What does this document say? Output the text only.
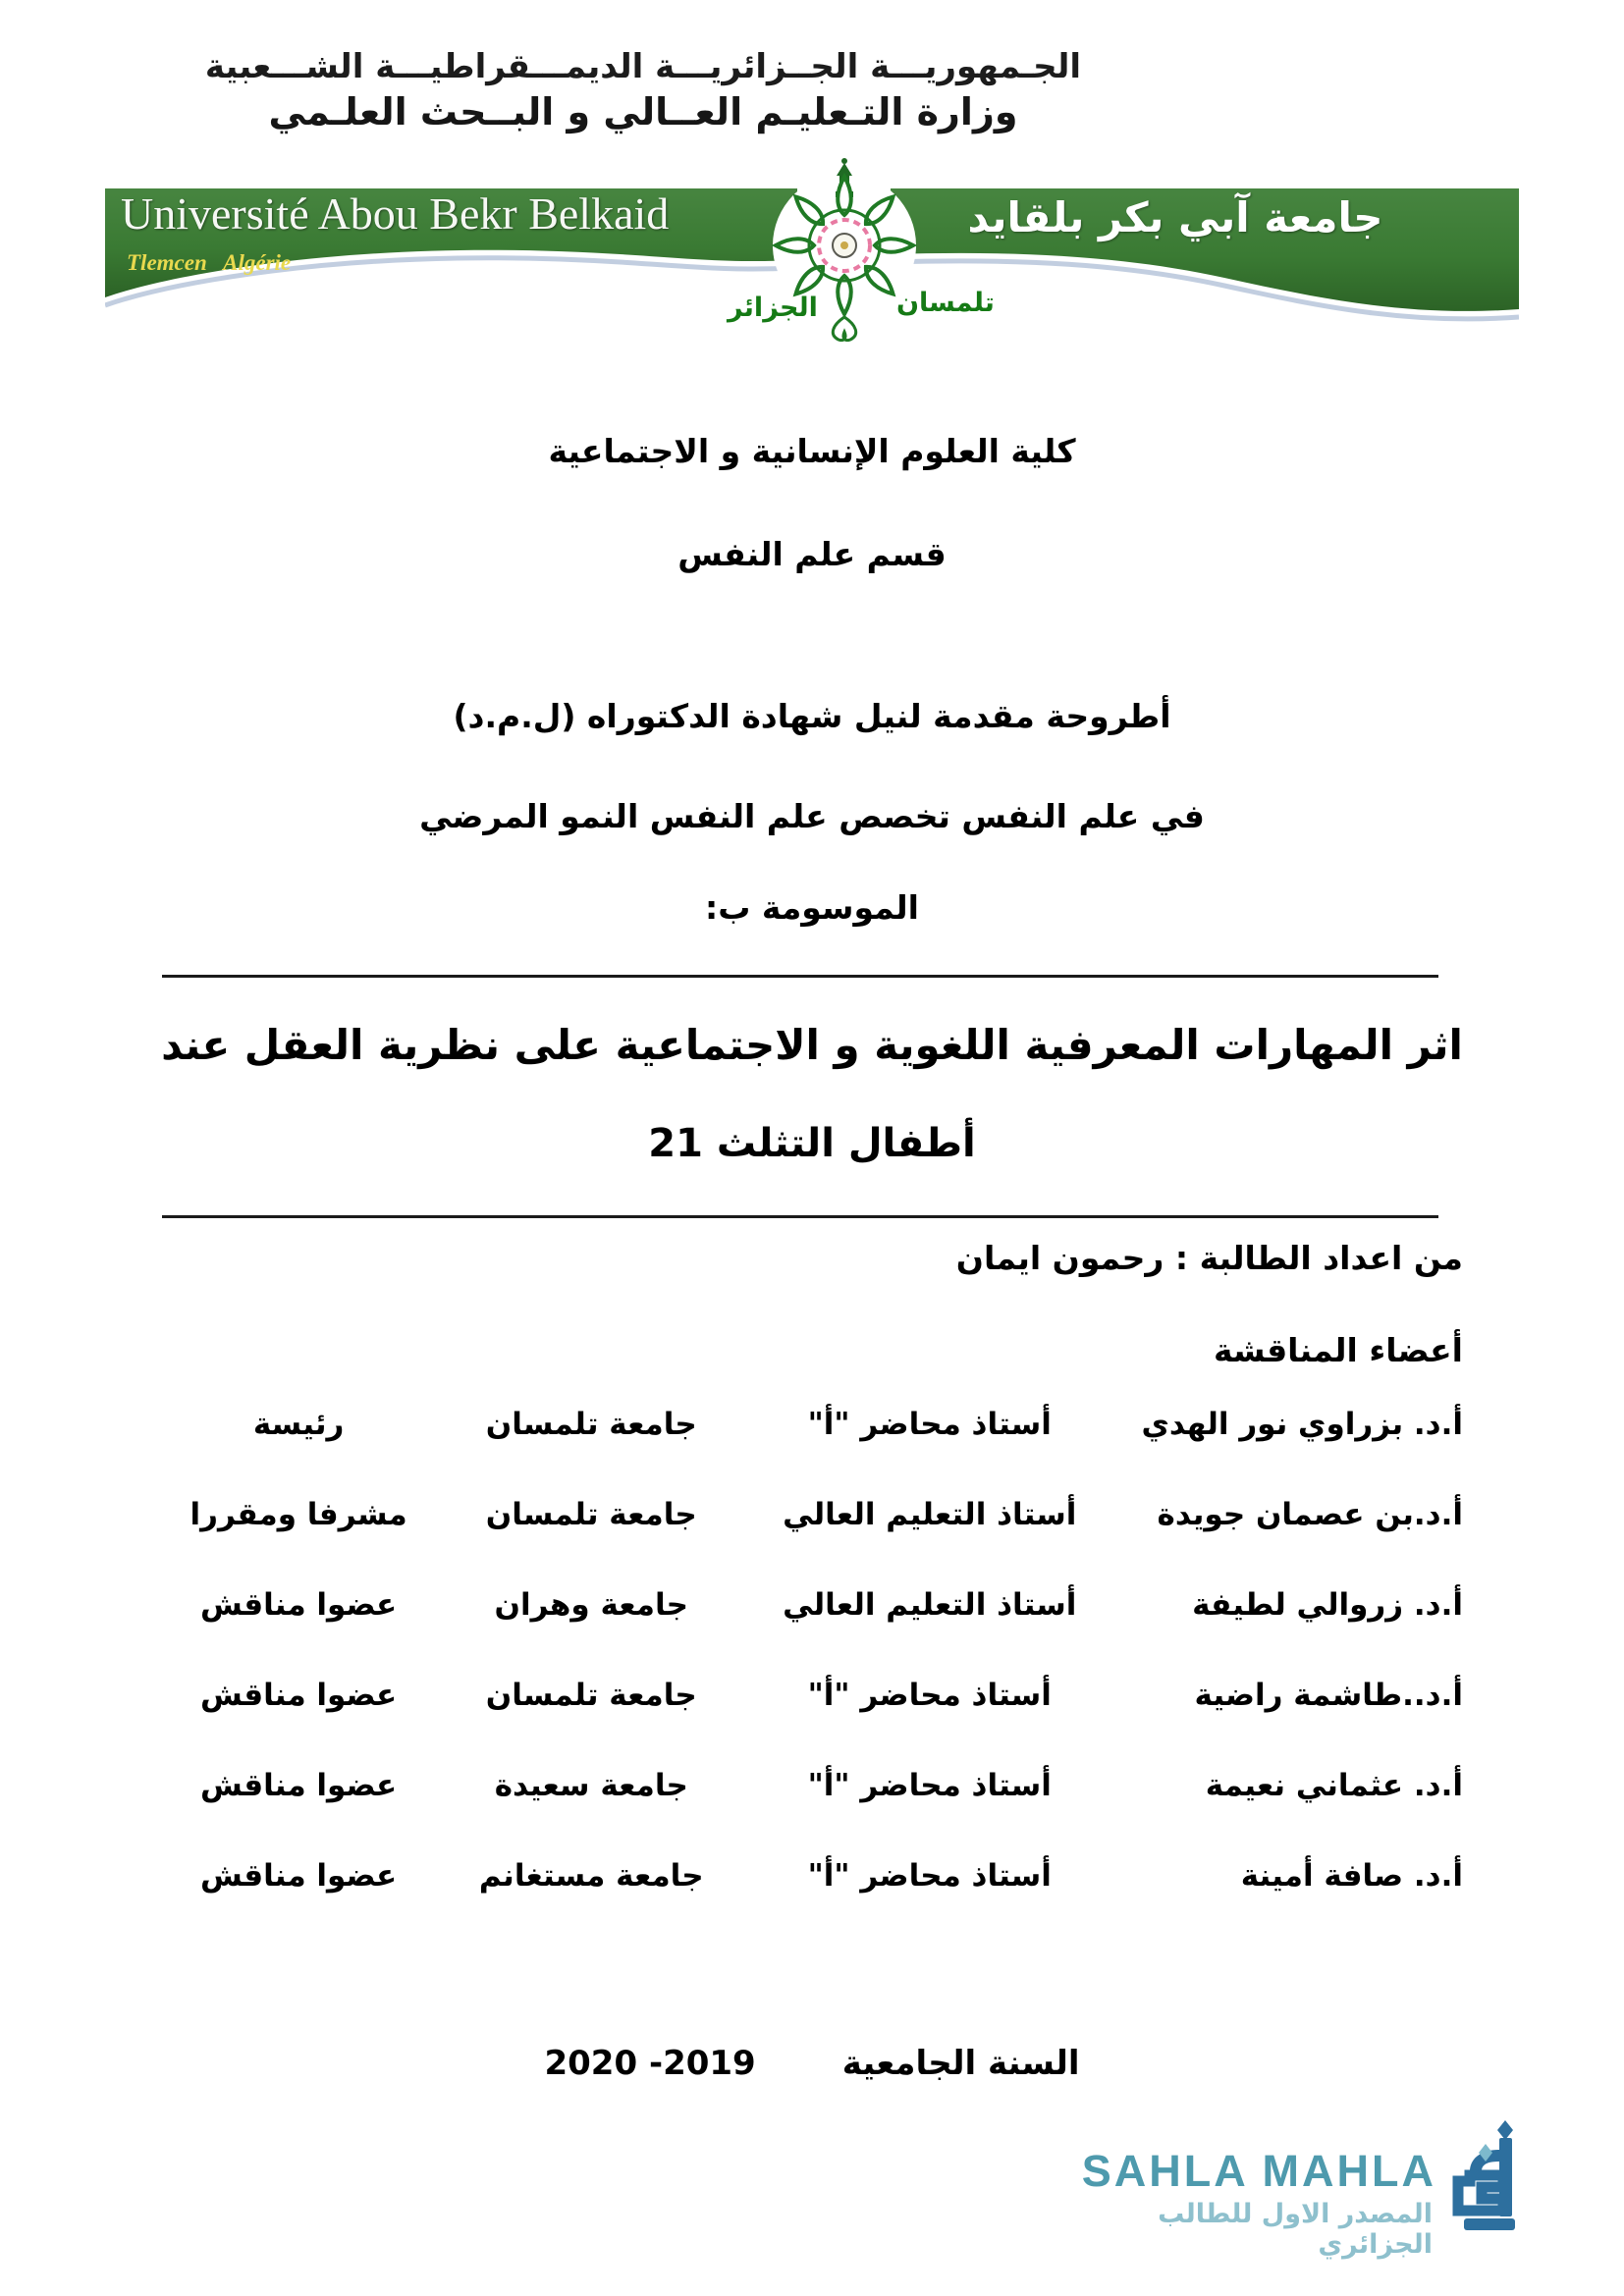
الجـمهوريـــة الجــزائريـــة الديمـــقراطيـــة الشـــعبية
وزارة التـعليـم العــالي و البــحث العلـمي
Université Abou Bekr Belkaid
Tlemcen   Algérie
جامعة آبي بكر بلقايد
تلمسان
الجزائر
كلية العلوم الإنسانية و الاجتماعية
قسم علم النفس
أطروحة مقدمة لنيل شهادة الدكتوراه (ل.م.د)
في علم النفس تخصص علم النفس النمو المرضي
الموسومة ب:
اثر المهارات المعرفية اللغوية و الاجتماعية على نظرية العقل عند
أطفال التثلث 21
من اعداد الطالبة : رحمون ايمان
أعضاء المناقشة
أ.د. بزراوي نور الهدي
أستاذ محاضر "أ"
جامعة تلمسان
رئيسة
أ.د.بن عصمان جويدة
أستاذ التعليم العالي
جامعة تلمسان
مشرفا ومقررا
أ.د. زروالي لطيفة
أستاذ التعليم العالي
جامعة وهران
عضوا مناقش
أ.د..طاشمة راضية
أستاذ محاضر "أ"
جامعة تلمسان
عضوا مناقش
أ.د. عثماني نعيمة
أستاذ محاضر "أ"
جامعة سعيدة
عضوا مناقش
أ.د. صافة أمينة
أستاذ محاضر "أ"
جامعة مستغانم
عضوا مناقش
السنة الجامعية2019- 2020
SAHLA MAHLA
المصدر الاول للطالب الجزائري
